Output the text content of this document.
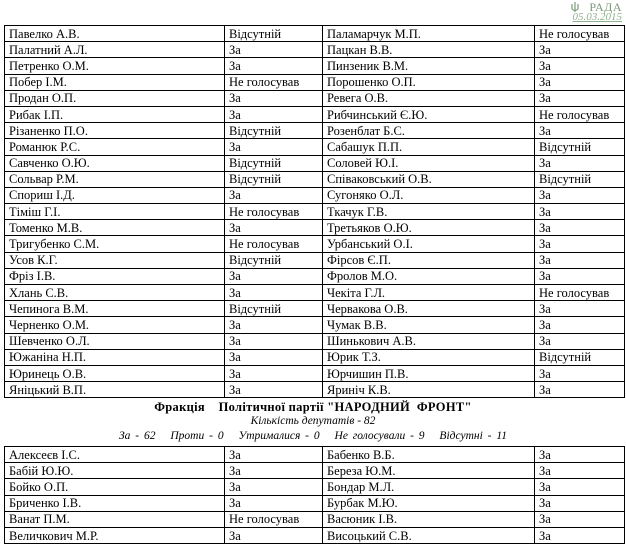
РАДА
05.03.2015
Павелко А.В.	Відсутній	Паламарчук М.П.	Не голосував
Палатний А.Л.	За	Пацкан В.В.	За
Петренко О.М.	За	Пинзеник В.М.	За
Побер І.М.	Не голосував	Порошенко О.П.	За
Продан О.П.	За	Ревега О.В.	За
Рибак І.П.	За	Рибчинський Є.Ю.	Не голосував
Різаненко П.О.	Відсутній	Розенблат Б.С.	За
Романюк Р.С.	За	Сабашук П.П.	Відсутній
Савченко О.Ю.	Відсутній	Соловей Ю.І.	За
Сольвар Р.М.	Відсутній	Співаковський О.В.	Відсутній
Спориш І.Д.	За	Сугоняко О.Л.	За
Тіміш Г.І.	Не голосував	Ткачук Г.В.	За
Томенко М.В.	За	Третьяков О.Ю.	За
Тригубенко С.М.	Не голосував	Урбанський О.І.	За
Усов К.Г.	Відсутній	Фірсов Є.П.	За
Фріз І.В.	За	Фролов М.О.	За
Хлань С.В.	За	Чекіта Г.Л.	Не голосував
Чепинога В.М.	Відсутній	Червакова О.В.	За
Черненко О.М.	За	Чумак В.В.	За
Шевченко О.Л.	За	Шинькович А.В.	За
Южаніна Н.П.	За	Юрик Т.З.	Відсутній
Юринець О.В.	За	Юрчишин П.В.	За
Яніцький В.П.	За	Яриніч К.В.	За
Фракція    Політичної партії "НАРОДНИЙ  ФРОНТ"
Кількість депутатів - 82
За - 62 Проти - 0 Утрималися - 0 Не голосували - 9 Відсутні - 11
Алексеєв І.С.	За	Бабенко В.Б.	За
Бабій Ю.Ю.	За	Береза Ю.М.	За
Бойко О.П.	За	Бондар М.Л.	За
Бриченко І.В.	За	Бурбак М.Ю.	За
Ванат П.М.	Не голосував	Васюник І.В.	За
Величкович М.Р.	За	Висоцький С.В.	За
